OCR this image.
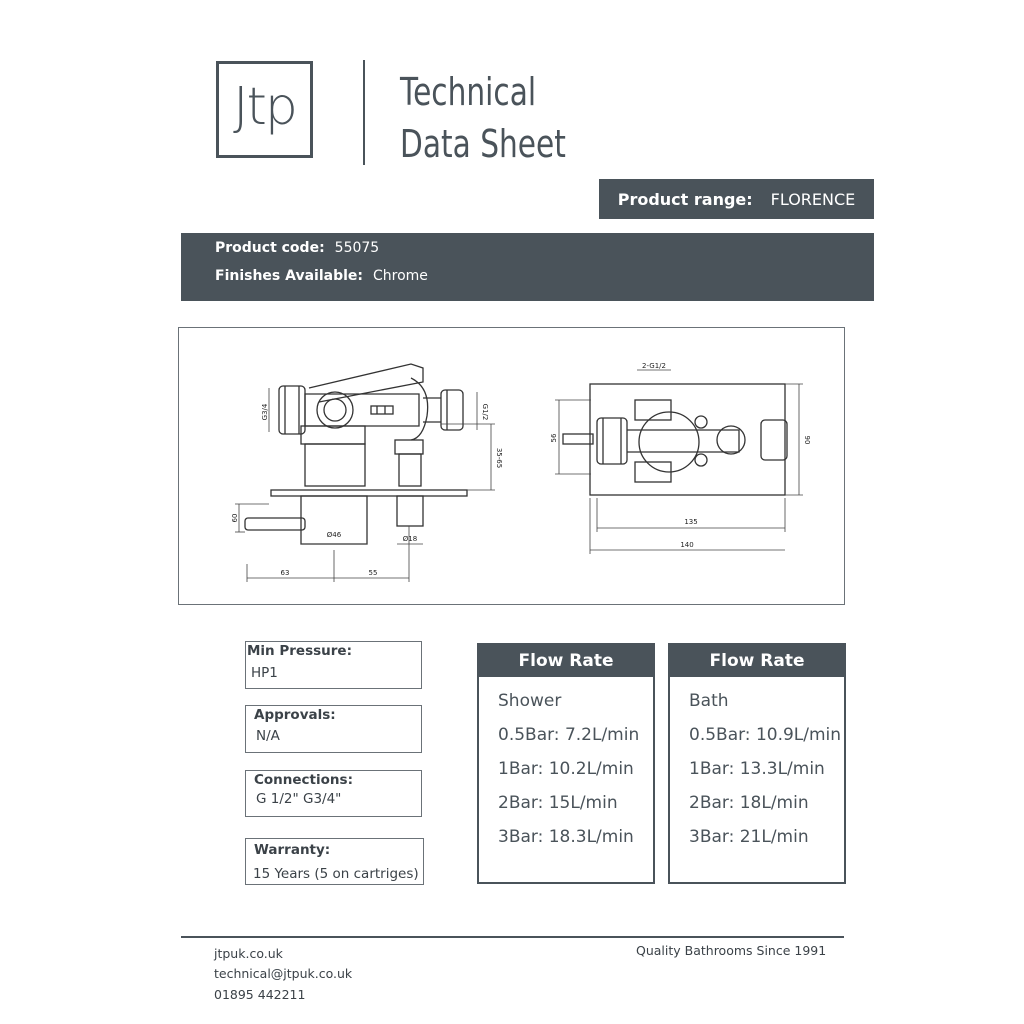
Jtp	Technical
Data Sheet
Product range: FLORENCE
Product code: 55075
Finishes Available: Chrome
G3/4	G1/2
35-65
60
Ø46	Ø18
63	55
2-G1/2
56	90
135
140
Min Pressure:
HP1
Approvals:
N/A
Connections:
G 1/2" G3/4"
Warranty:
15 Years (5 on cartriges)
Flow Rate
Shower
0.5Bar: 7.2L/min
1Bar: 10.2L/min
2Bar: 15L/min
3Bar: 18.3L/min
Flow Rate
Bath
0.5Bar: 10.9L/min
1Bar: 13.3L/min
2Bar: 18L/min
3Bar: 21L/min
jtpuk.co.uk
technical@jtpuk.co.uk
01895 442211
Quality Bathrooms Since 1991
